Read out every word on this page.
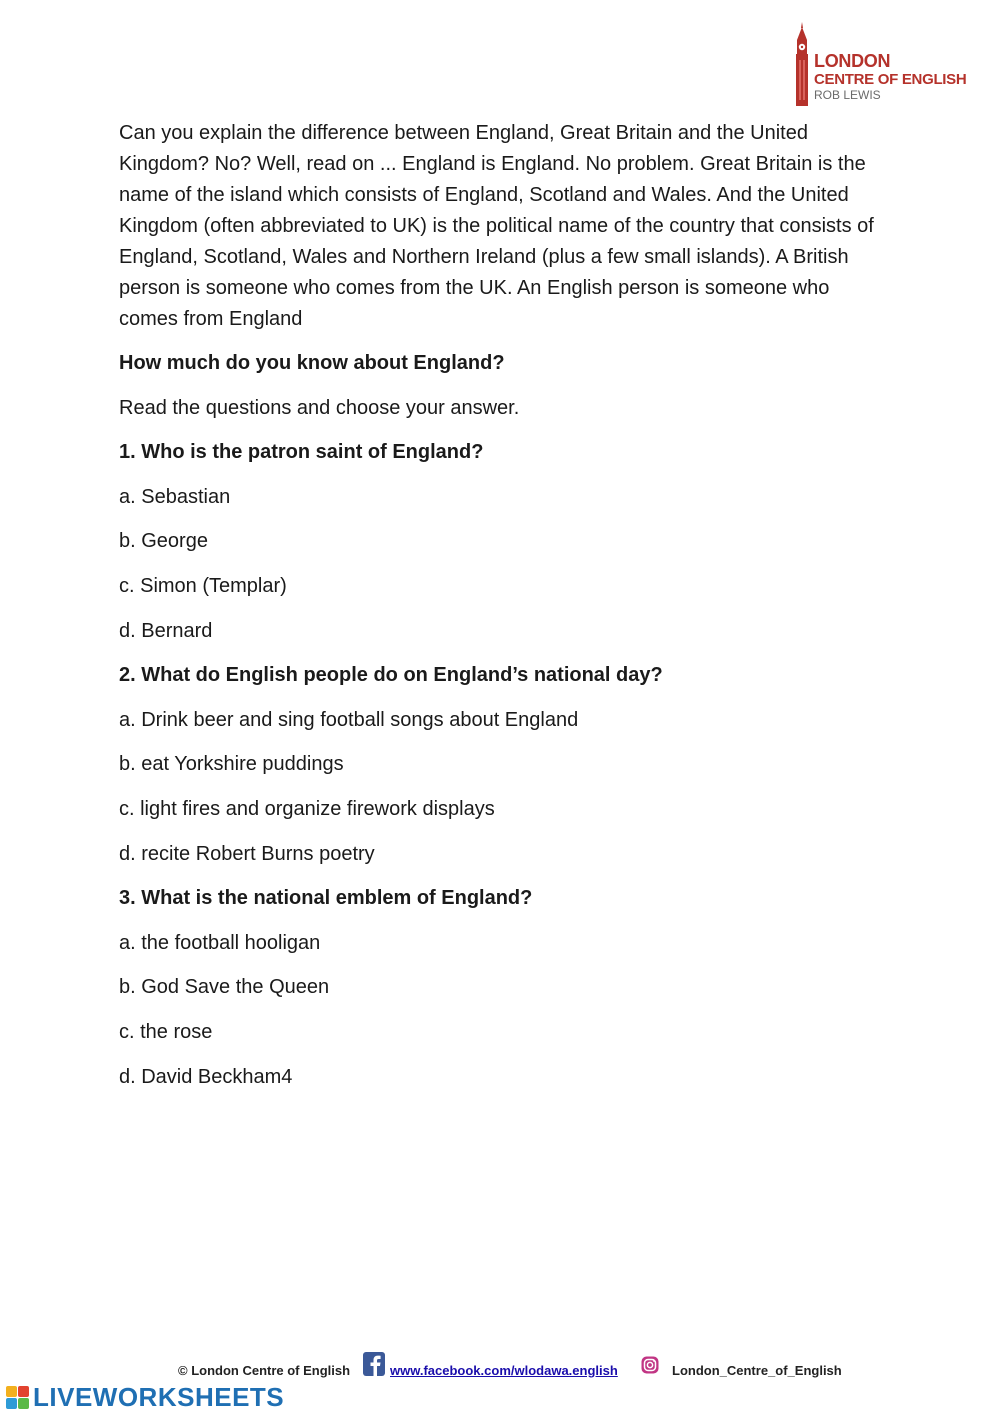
LONDON
CENTRE OF ENGLISH
ROB LEWIS

Can you explain the difference between England, Great Britain and the United Kingdom? No? Well, read on ... England is England. No problem. Great Britain is the name of the island which consists of England, Scotland and Wales. And the United Kingdom (often abbreviated to UK) is the political name of the country that consists of England, Scotland, Wales and Northern Ireland (plus a few small islands). A British person is someone who comes from the UK. An English person is someone who comes from England

How much do you know about England?

Read the questions and choose your answer.

1. Who is the patron saint of England?

a. Sebastian

b. George

c. Simon (Templar)

d. Bernard

2. What do English people do on England’s national day?

a. Drink beer and sing football songs about England

b. eat Yorkshire puddings

c. light fires and organize firework displays

d. recite Robert Burns poetry

3. What is the national emblem of England?

a. the football hooligan

b. God Save the Queen

c. the rose

d. David Beckham4

© London Centre of English	www.facebook.com/wlodawa.english	London_Centre_of_English
LIVEWORKSHEETS
